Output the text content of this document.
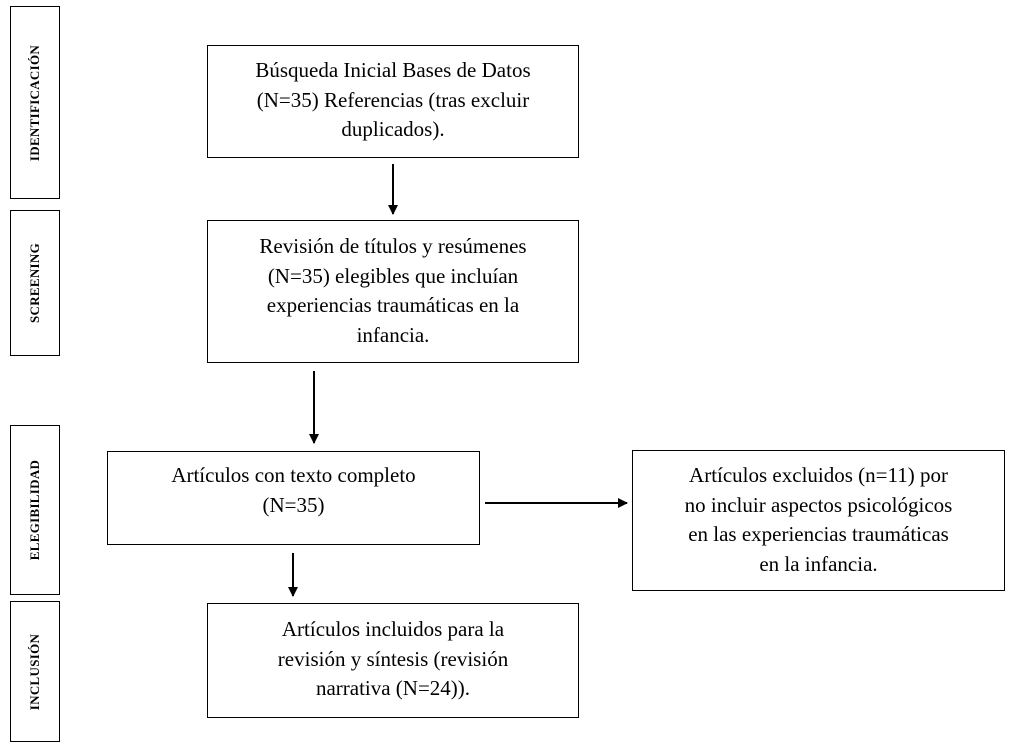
IDENTIFICACIÓN
SCREENING
ELEGIBILIDAD
INCLUSIÓN
Búsqueda Inicial Bases de Datos
(N=35) Referencias (tras excluir
duplicados).
Revisión de títulos y resúmenes
(N=35) elegibles que incluían
experiencias traumáticas en la
infancia.
Artículos con texto completo
(N=35)
Artículos excluidos (n=11) por
no incluir aspectos psicológicos
en las experiencias traumáticas
en la infancia.
Artículos incluidos para la
revisión y síntesis (revisión
narrativa (N=24)).
